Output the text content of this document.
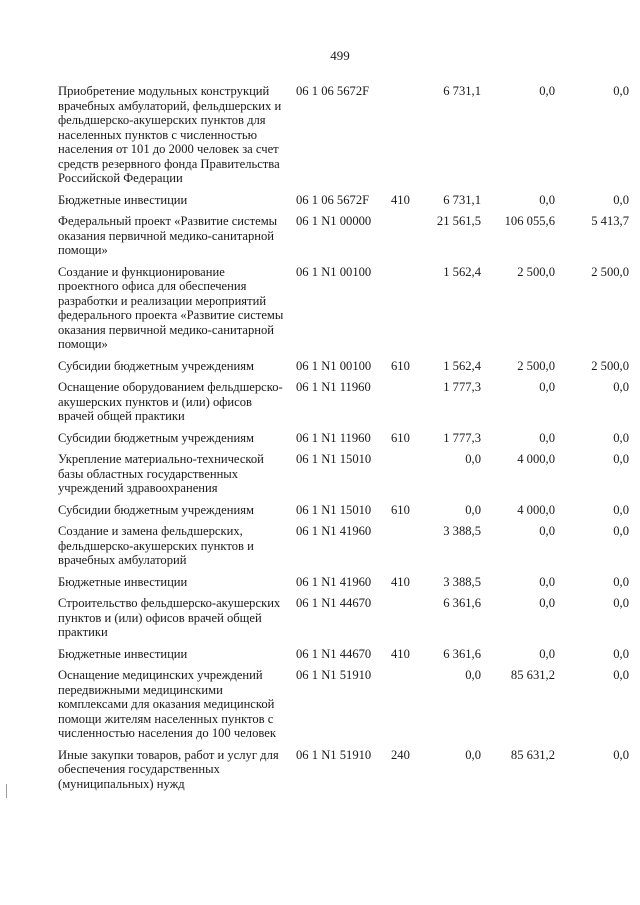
499
Приобретение модульных конструкций врачебных амбулаторий, фельдшерских и фельдшерско-акушерских пунктов для населенных пунктов с численностью населения от 101 до 2000 человек за счет средств резервного фонда Правительства Российской Федерации	06 1 06 5672F		6 731,1	0,0	0,0
Бюджетные инвестиции	06 1 06 5672F	410	6 731,1	0,0	0,0
Федеральный проект «Развитие системы оказания первичной медико-санитарной помощи»	06 1 N1 00000		21 561,5	106 055,6	5 413,7
Создание и функционирование проектного офиса для обеспечения разработки и реализации мероприятий федерального проекта «Развитие системы оказания первичной медико-санитарной помощи»	06 1 N1 00100		1 562,4	2 500,0	2 500,0
Субсидии бюджетным учреждениям	06 1 N1 00100	610	1 562,4	2 500,0	2 500,0
Оснащение оборудованием фельдшерско-акушерских пунктов и (или) офисов врачей общей практики	06 1 N1 11960		1 777,3	0,0	0,0
Субсидии бюджетным учреждениям	06 1 N1 11960	610	1 777,3	0,0	0,0
Укрепление материально-технической базы областных государственных учреждений здравоохранения	06 1 N1 15010		0,0	4 000,0	0,0
Субсидии бюджетным учреждениям	06 1 N1 15010	610	0,0	4 000,0	0,0
Создание и замена фельдшерских, фельдшерско-акушерских пунктов и врачебных амбулаторий	06 1 N1 41960		3 388,5	0,0	0,0
Бюджетные инвестиции	06 1 N1 41960	410	3 388,5	0,0	0,0
Строительство фельдшерско-акушерских пунктов и (или) офисов врачей общей практики	06 1 N1 44670		6 361,6	0,0	0,0
Бюджетные инвестиции	06 1 N1 44670	410	6 361,6	0,0	0,0
Оснащение медицинских учреждений передвижными медицинскими комплексами для оказания медицинской помощи жителям населенных пунктов с численностью населения до 100 человек	06 1 N1 51910		0,0	85 631,2	0,0
Иные закупки товаров, работ и услуг для обеспечения государственных (муниципальных) нужд	06 1 N1 51910	240	0,0	85 631,2	0,0
